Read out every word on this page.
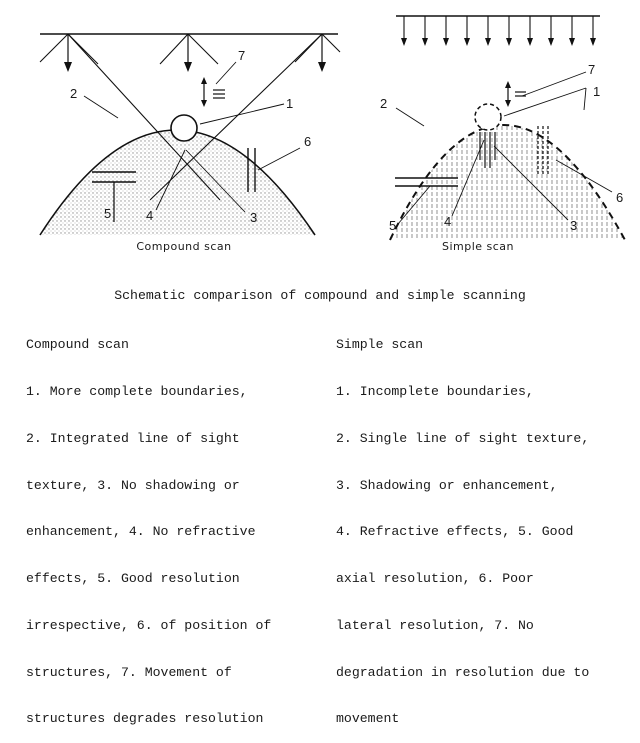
2
7
1
6
5	4	3
Compound scan
2
7
1
6
5	4	3
Simple scan
Schematic comparison of compound and simple scanning

Compound scan

1. More complete boundaries,

2. Integrated line of sight

texture, 3. No shadowing or

enhancement, 4. No refractive

effects, 5. Good resolution

irrespective, 6. of position of

structures, 7. Movement of

structures degrades resolution

Simple scan

1. Incomplete boundaries,

2. Single line of sight texture,

3. Shadowing or enhancement,

4. Refractive effects, 5. Good

axial resolution, 6. Poor

lateral resolution, 7. No

degradation in resolution due to

movement
